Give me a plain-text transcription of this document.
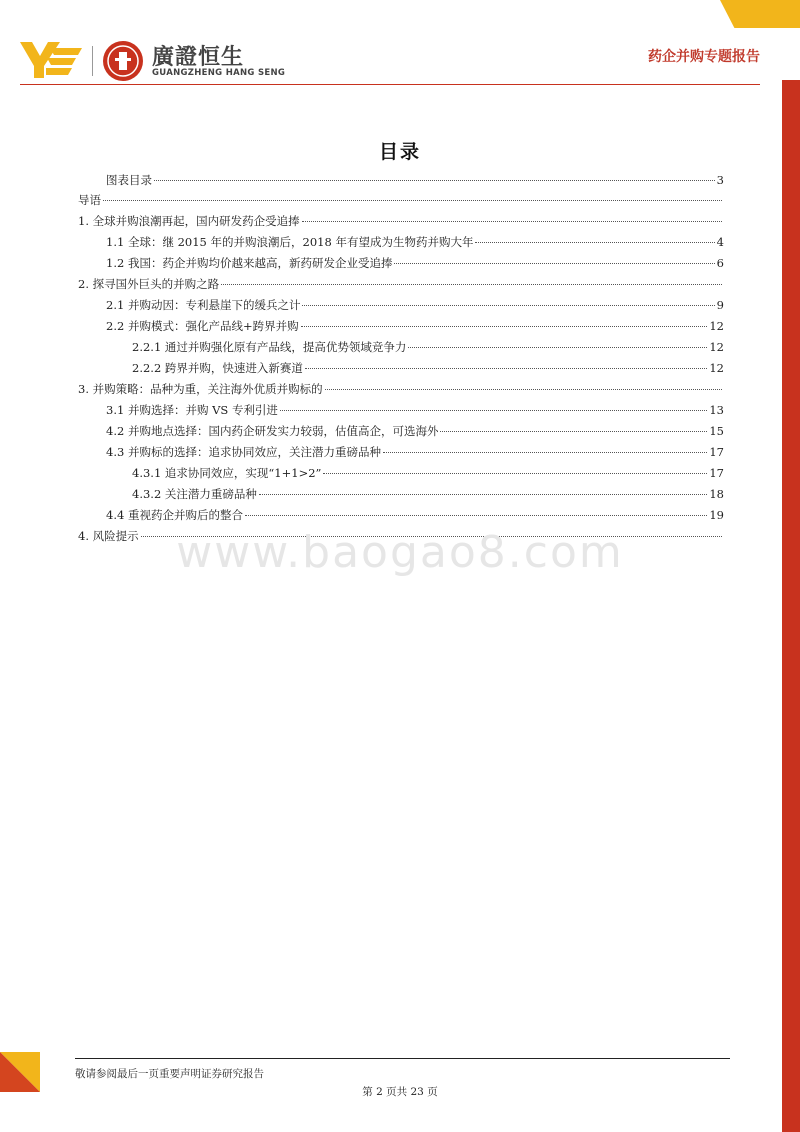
廣證恒生
GUANGZHENG HANG SENG
药企并购专题报告
目录
图表目录	3
导语
1. 全球并购浪潮再起，国内研发药企受追捧
1.1 全球：继 2015 年的并购浪潮后，2018 年有望成为生物药并购大年	4
1.2 我国：药企并购均价越来越高，新药研发企业受追捧	6
2. 探寻国外巨头的并购之路
2.1 并购动因：专利悬崖下的缓兵之计	9
2.2 并购模式：强化产品线+跨界并购	12
2.2.1 通过并购强化原有产品线，提高优势领域竞争力	12
2.2.2 跨界并购，快速进入新赛道	12
3. 并购策略：品种为重，关注海外优质并购标的
3.1 并购选择：并购 VS 专利引进	13
4.2 并购地点选择：国内药企研发实力较弱，估值高企，可选海外	15
4.3 并购标的选择：追求协同效应，关注潜力重磅品种	17
4.3.1 追求协同效应，实现“1+1>2”	17
4.3.2 关注潜力重磅品种	18
4.4 重视药企并购后的整合	19
4. 风险提示 www.baogao8.com
敬请参阅最后一页重要声明证券研究报告
第 2 页共 23 页
